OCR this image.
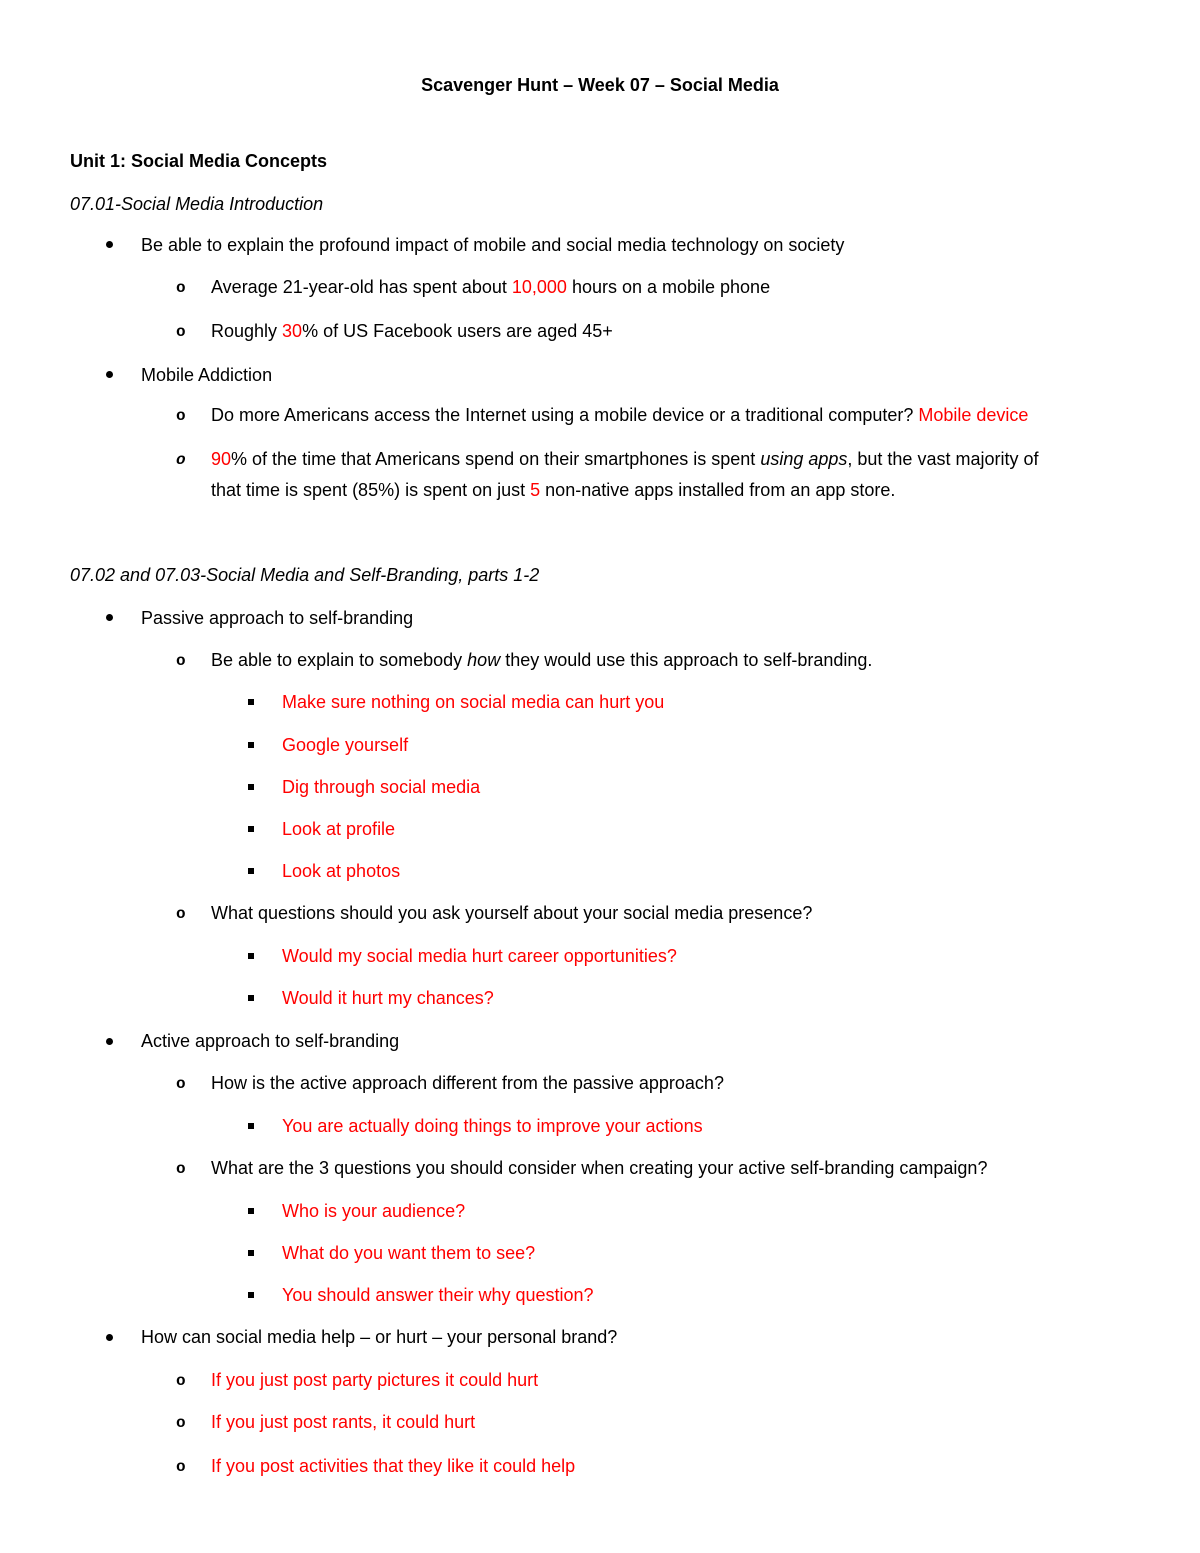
Scavenger Hunt – Week 07 – Social Media
Unit 1: Social Media Concepts
07.01-Social Media Introduction
Be able to explain the profound impact of mobile and social media technology on society
o Average 21-year-old has spent about 10,000 hours on a mobile phone
o Roughly 30% of US Facebook users are aged 45+
Mobile Addiction
o Do more Americans access the Internet using a mobile device or a traditional computer? Mobile device
o 90% of the time that Americans spend on their smartphones is spent using apps, but the vast majority of
that time is spent (85%) is spent on just 5 non-native apps installed from an app store.
07.02 and 07.03-Social Media and Self-Branding, parts 1-2
Passive approach to self-branding
o Be able to explain to somebody how they would use this approach to self-branding.
Make sure nothing on social media can hurt you
Google yourself
Dig through social media
Look at profile
Look at photos
o What questions should you ask yourself about your social media presence?
Would my social media hurt career opportunities?
Would it hurt my chances?
Active approach to self-branding
o How is the active approach different from the passive approach?
You are actually doing things to improve your actions
o What are the 3 questions you should consider when creating your active self-branding campaign?
Who is your audience?
What do you want them to see?
You should answer their why question?
How can social media help – or hurt – your personal brand?
o If you just post party pictures it could hurt
o If you just post rants, it could hurt
o If you post activities that they like it could help
